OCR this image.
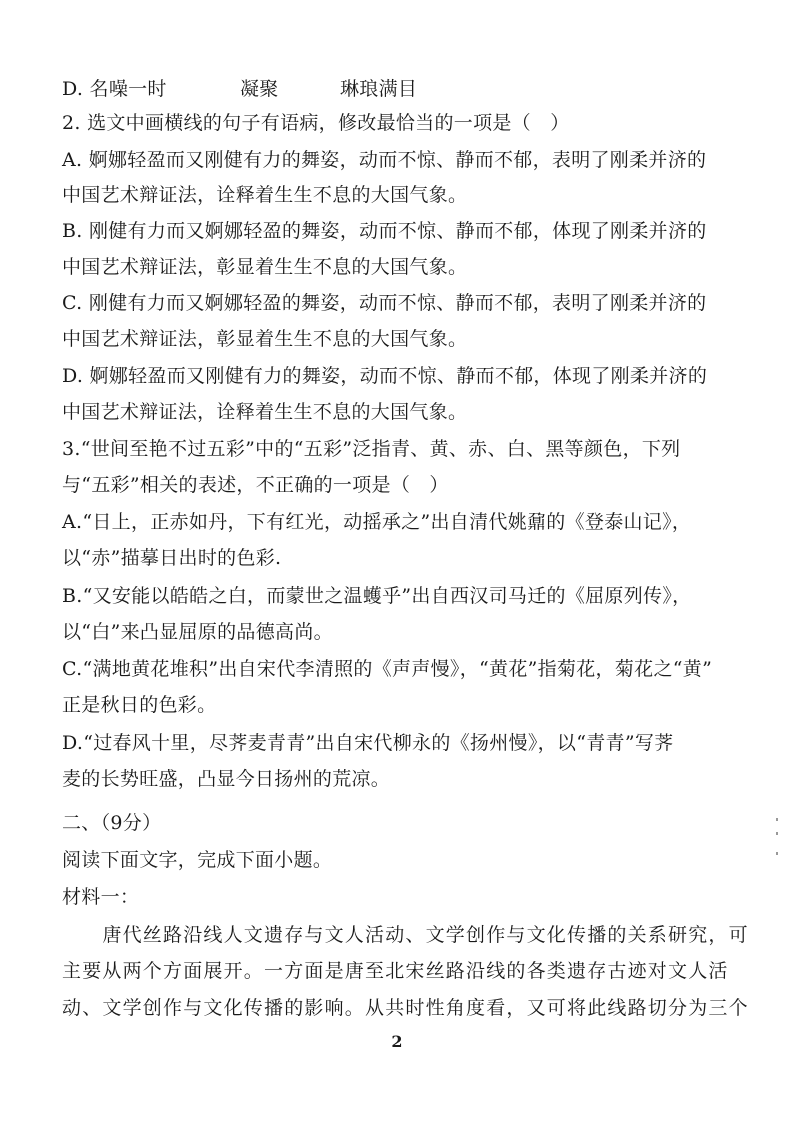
D. 名噪一时	凝聚	琳琅满目
2. 选文中画横线的句子有语病，修改最恰当的一项是（　）
A. 婀娜轻盈而又刚健有力的舞姿，动而不惊、静而不郁，表明了刚柔并济的
中国艺术辩证法，诠释着生生不息的大国气象。
B. 刚健有力而又婀娜轻盈的舞姿，动而不惊、静而不郁，体现了刚柔并济的
中国艺术辩证法，彰显着生生不息的大国气象。
C. 刚健有力而又婀娜轻盈的舞姿，动而不惊、静而不郁，表明了刚柔并济的
中国艺术辩证法，彰显着生生不息的大国气象。
D. 婀娜轻盈而又刚健有力的舞姿，动而不惊、静而不郁，体现了刚柔并济的
中国艺术辩证法，诠释着生生不息的大国气象。
3.“世间至艳不过五彩”中的“五彩”泛指青、黄、赤、白、黑等颜色，下列
与“五彩”相关的表述，不正确的一项是（　）
A.“日上，正赤如丹，下有红光，动摇承之”出自清代姚鼐的《登泰山记》，
以“赤”描摹日出时的色彩.
B.“又安能以皓皓之白，而蒙世之温蠖乎”出自西汉司马迁的《屈原列传》，
以“白”来凸显屈原的品德高尚。
C.“满地黄花堆积”出自宋代李清照的《声声慢》，“黄花”指菊花，菊花之“黄”
正是秋日的色彩。
D.“过春风十里，尽荠麦青青”出自宋代柳永的《扬州慢》，以“青青”写荠
麦的长势旺盛，凸显今日扬州的荒凉。
二、（9分）
阅读下面文字，完成下面小题。
材料一：
　　唐代丝路沿线人文遗存与文人活动、文学创作与文化传播的关系研究，可
主要从两个方面展开。一方面是唐至北宋丝路沿线的各类遗存古迹对文人活
动、文学创作与文化传播的影响。从共时性角度看，又可将此线路切分为三个
2
